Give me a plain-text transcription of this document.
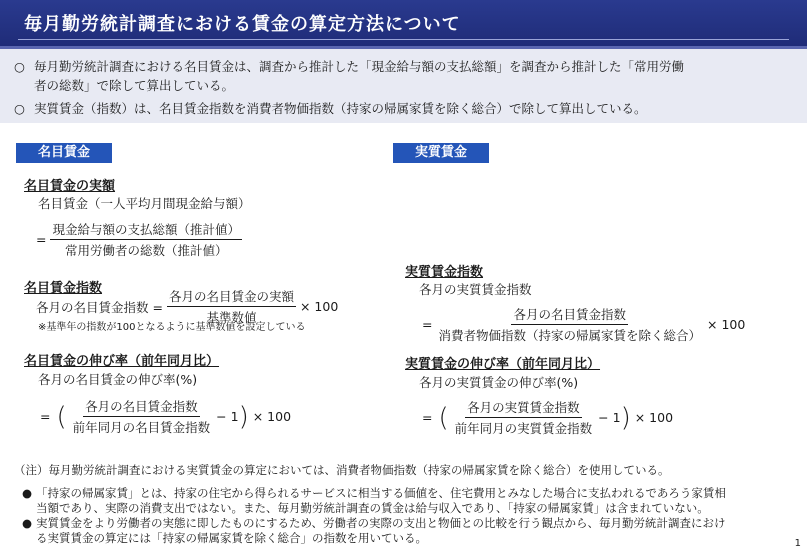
毎月勤労統計調査における賃金の算定方法について
○ 毎月勤労統計調査における名目賃金は、調査から推計した「現金給与額の支払総額」を調査から推計した「常用労働
者の総数」で除して算出している。
○ 実質賃金（指数）は、名目賃金指数を消費者物価指数（持家の帰属家賃を除く総合）で除して算出している。
名目賃金
名目賃金の実額
名目賃金（一人平均月間現金給与額）
= $\frac{\text{現金給与額の支払総額（推計値）}}{\text{常用労働者の総数（推計値）}}$
名目賃金指数
各月の名目賃金指数 = $\frac{\text{各月の名目賃金の実額}}{\text{基準数値}} \times 100$
※基準年の指数が100となるように基準数値を設定している
名目賃金の伸び率（前年同月比）
各月の名目賃金の伸び率(%)
= ( $\frac{\text{各月の名目賃金指数}}{\text{前年同月の名目賃金指数}} - 1$ ) × 100
実質賃金
実質賃金指数
各月の実質賃金指数
= $\frac{\text{各月の名目賃金指数}}{\text{消費者物価指数（持家の帰属家賃を除く総合）}} \times 100$
実質賃金の伸び率（前年同月比）
各月の実質賃金の伸び率(%)
= ( $\frac{\text{各月の実質賃金指数}}{\text{前年同月の実質賃金指数}} - 1$ ) × 100
（注）毎月勤労統計調査における実質賃金の算定においては、消費者物価指数（持家の帰属家賃を除く総合）を使用している。
● 「持家の帰属家賃」とは、持家の住宅から得られるサービスに相当する価値を、住宅費用とみなした場合に支払われるであろう家賃相
当額であり、実際の消費支出ではない。また、毎月勤労統計調査の賃金は給与収入であり、「持家の帰属家賃」は含まれていない。
● 実質賃金をより労働者の実態に即したものにするため、労働者の実際の支出と物価との比較を行う観点から、毎月勤労統計調査におけ
る実質賃金の算定には「持家の帰属家賃を除く総合」の指数を用いている。	1
